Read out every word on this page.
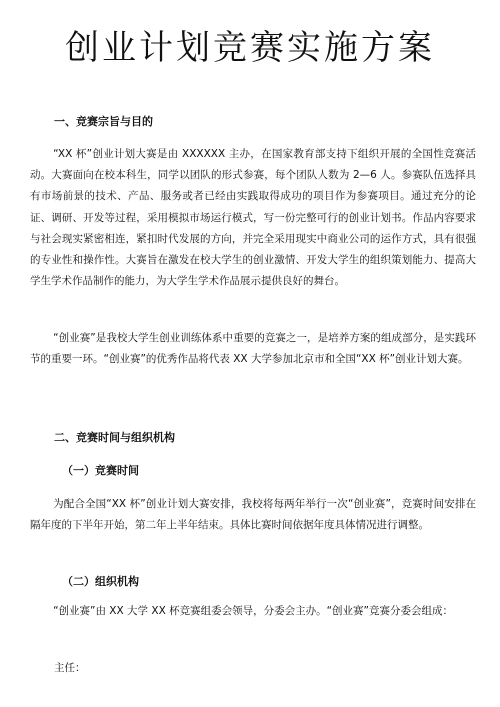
创业计划竞赛实施方案
一、竞赛宗旨与目的

“XX 杯”创业计划大赛是由 XXXXXX 主办，在国家教育部支持下组织开展的全国性竞赛活动。大赛面向在校本科生，同学以团队的形式参赛，每个团队人数为 2—6 人。参赛队伍选择具有市场前景的技术、产品、服务或者已经由实践取得成功的项目作为参赛项目。通过充分的论证、调研、开发等过程，采用模拟市场运行模式，写一份完整可行的创业计划书。作品内容要求与社会现实紧密相连，紧扣时代发展的方向，并完全采用现实中商业公司的运作方式，具有很强的专业性和操作性。大赛旨在激发在校大学生的创业激情、开发大学生的组织策划能力、提高大学生学术作品制作的能力，为大学生学术作品展示提供良好的舞台。

“创业赛”是我校大学生创业训练体系中重要的竞赛之一，是培养方案的组成部分，是实践环节的重要一环。“创业赛”的优秀作品将代表 XX 大学参加北京市和全国“XX 杯”创业计划大赛。

二、竞赛时间与组织机构
（一）竞赛时间

为配合全国“XX 杯”创业计划大赛安排，我校将每两年举行一次“创业赛”，竞赛时间安排在隔年度的下半年开始，第二年上半年结束。具体比赛时间依据年度具体情况进行调整。

（二）组织机构

“创业赛”由 XX 大学 XX 杯竞赛组委会领导，分委会主办。“创业赛”竞赛分委会组成：

主任：
